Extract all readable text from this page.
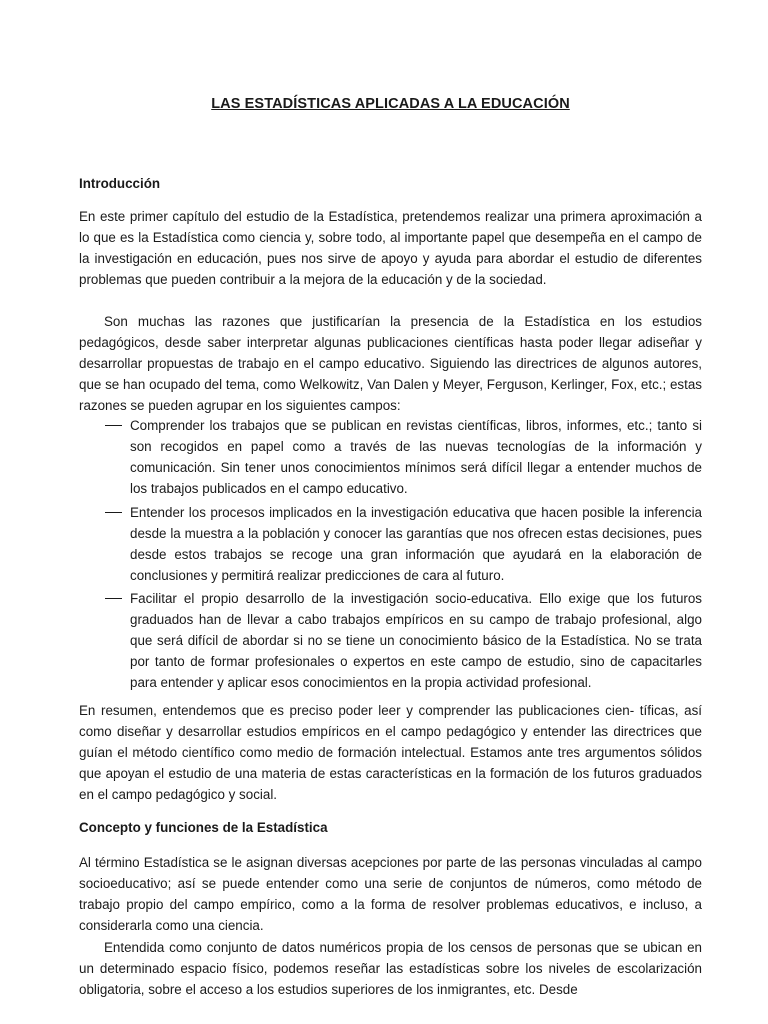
LAS ESTADÍSTICAS APLICADAS A LA EDUCACIÓN
Introducción

En este primer capítulo del estudio de la Estadística, pretendemos realizar una primera aproximación a lo que es la Estadística como ciencia y, sobre todo, al importante papel que desempeña en el campo de la investigación en educación, pues nos sirve de apoyo y ayuda para abordar el estudio de diferentes problemas que pueden contribuir a la mejora de la educación y de la sociedad.

Son muchas las razones que justificarían la presencia de la Estadística en los estudios pedagógicos, desde saber interpretar algunas publicaciones científicas hasta poder llegar adiseñar y desarrollar propuestas de trabajo en el campo educativo. Siguiendo las directrices de algunos autores, que se han ocupado del tema, como Welkowitz, Van Dalen y Meyer, Ferguson, Kerlinger, Fox, etc.; estas razones se pueden agrupar en los siguientes campos:

Comprender los trabajos que se publican en revistas científicas, libros, informes, etc.; tanto si son recogidos en papel como a través de las nuevas tecnologías de la información y comunicación. Sin tener unos conocimientos mínimos será difícil llegar a entender muchos de los trabajos publicados en el campo educativo.

Entender los procesos implicados en la investigación educativa que hacen posible la inferencia desde la muestra a la población y conocer las garantías que nos ofrecen estas decisiones, pues desde estos trabajos se recoge una gran información que ayudará en la elaboración de conclusiones y permitirá realizar predicciones de cara al futuro.

Facilitar el propio desarrollo de la investigación socio-educativa. Ello exige que los futuros graduados han de llevar a cabo trabajos empíricos en su campo de trabajo profesional, algo que será difícil de abordar si no se tiene un conocimiento básico de la Estadística. No se trata por tanto de formar profesionales o expertos en este campo de estudio, sino de capacitarles para entender y aplicar esos conocimientos en la propia actividad profesional.

En resumen, entendemos que es preciso poder leer y comprender las publicaciones cien- tíficas, así como diseñar y desarrollar estudios empíricos en el campo pedagógico y entender las directrices que guían el método científico como medio de formación intelectual. Estamos ante tres argumentos sólidos que apoyan el estudio de una materia de estas características en la formación de los futuros graduados en el campo pedagógico y social.

Concepto y funciones de la Estadística

Al término Estadística se le asignan diversas acepciones por parte de las personas vinculadas al campo socioeducativo; así se puede entender como una serie de conjuntos de números, como método de trabajo propio del campo empírico, como a la forma de resolver problemas educativos, e incluso, a considerarla como una ciencia.

Entendida como conjunto de datos numéricos propia de los censos de personas que se ubican en un determinado espacio físico, podemos reseñar las estadísticas sobre los niveles de escolarización obligatoria, sobre el acceso a los estudios superiores de los inmigrantes, etc. Desde
